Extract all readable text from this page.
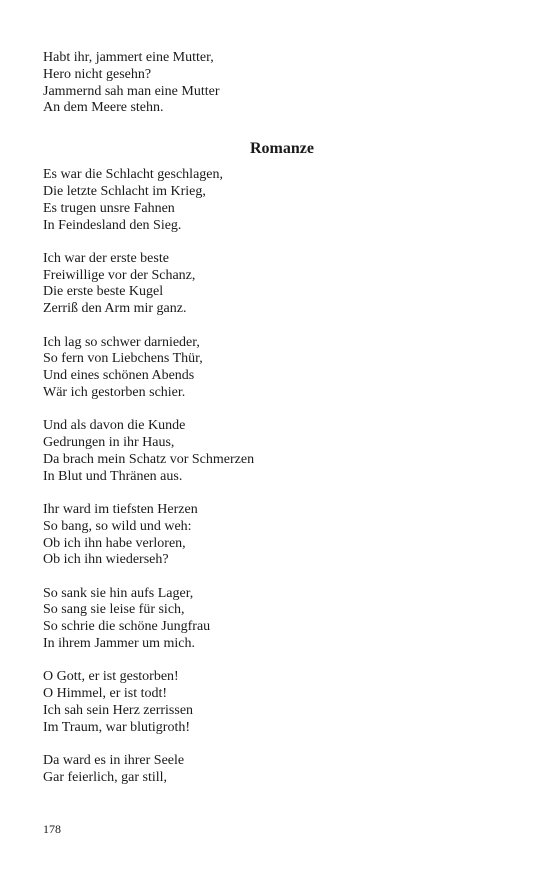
Habt ihr, jammert eine Mutter,
Hero nicht gesehn?
Jammernd sah man eine Mutter
An dem Meere stehn.
Romanze
Es war die Schlacht geschlagen,
Die letzte Schlacht im Krieg,
Es trugen unsre Fahnen
In Feindesland den Sieg.
Ich war der erste beste
Freiwillige vor der Schanz,
Die erste beste Kugel
Zerriß den Arm mir ganz.
Ich lag so schwer darnieder,
So fern von Liebchens Thür,
Und eines schönen Abends
Wär ich gestorben schier.
Und als davon die Kunde
Gedrungen in ihr Haus,
Da brach mein Schatz vor Schmerzen
In Blut und Thränen aus.
Ihr ward im tiefsten Herzen
So bang, so wild und weh:
Ob ich ihn habe verloren,
Ob ich ihn wiederseh?
So sank sie hin aufs Lager,
So sang sie leise für sich,
So schrie die schöne Jungfrau
In ihrem Jammer um mich.
O Gott, er ist gestorben!
O Himmel, er ist todt!
Ich sah sein Herz zerrissen
Im Traum, war blutigroth!
Da ward es in ihrer Seele
Gar feierlich, gar still,
178
